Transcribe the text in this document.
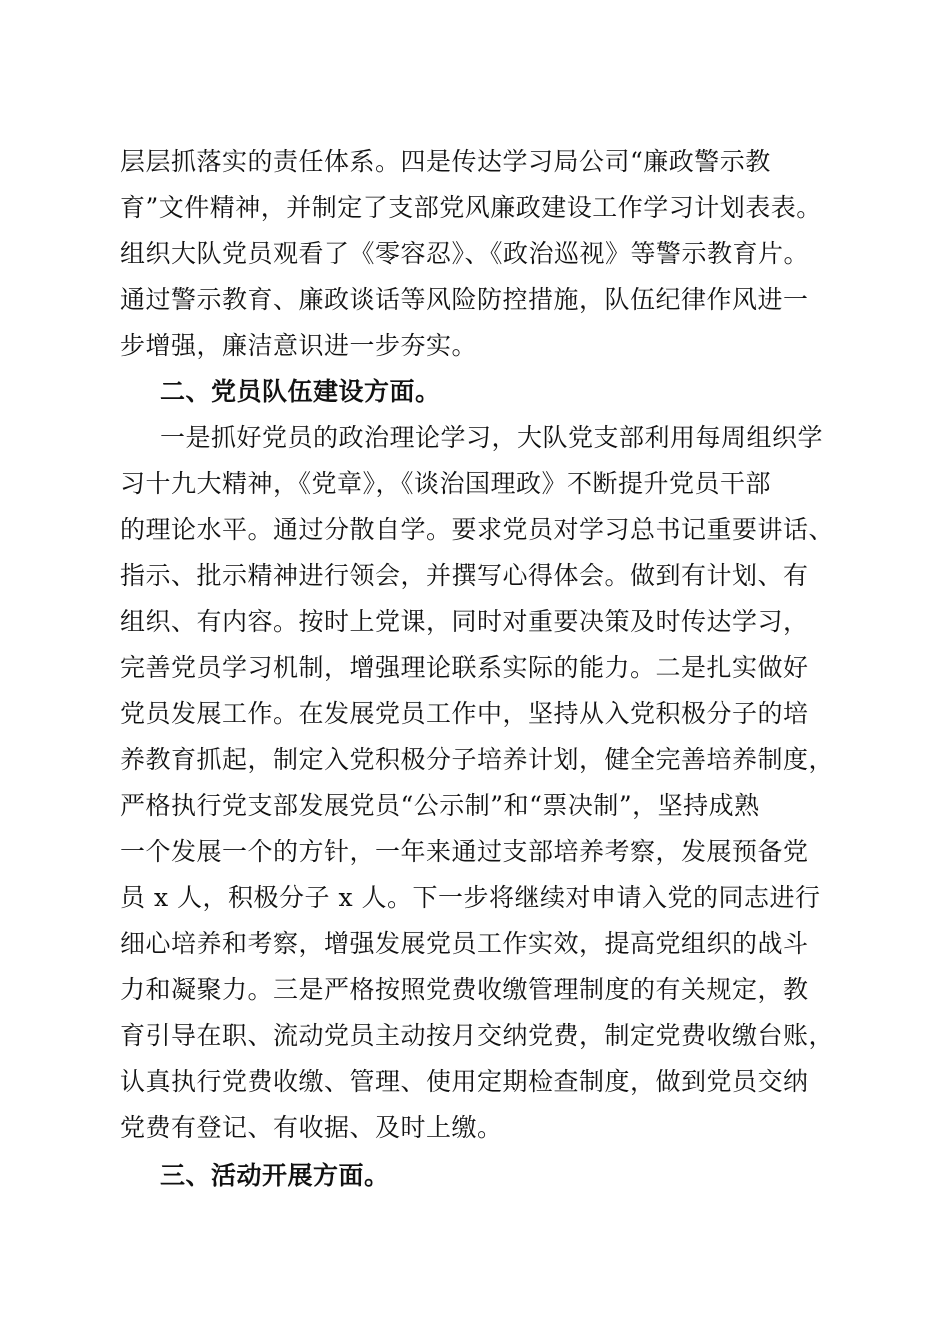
层层抓落实的责任体系。四是传达学习局公司“廉政警示教
育”文件精神，并制定了支部党风廉政建设工作学习计划表表。
组织大队党员观看了《零容忍》、《政治巡视》等警示教育片。
通过警示教育、廉政谈话等风险防控措施，队伍纪律作风进一
步增强，廉洁意识进一步夯实。
二、党员队伍建设方面。
一是抓好党员的政治理论学习，大队党支部利用每周组织学
习十九大精神，《党章》，《谈治国理政》不断提升党员干部
的理论水平。通过分散自学。要求党员对学习总书记重要讲话、
指示、批示精神进行领会，并撰写心得体会。做到有计划、有
组织、有内容。按时上党课，同时对重要决策及时传达学习，
完善党员学习机制，增强理论联系实际的能力。二是扎实做好
党员发展工作。在发展党员工作中，坚持从入党积极分子的培
养教育抓起，制定入党积极分子培养计划，健全完善培养制度，
严格执行党支部发展党员“公示制”和“票决制”，坚持成熟
一个发展一个的方针，一年来通过支部培养考察，发展预备党
员 x 人，积极分子 x 人。下一步将继续对申请入党的同志进行
细心培养和考察，增强发展党员工作实效，提高党组织的战斗
力和凝聚力。三是严格按照党费收缴管理制度的有关规定，教
育引导在职、流动党员主动按月交纳党费，制定党费收缴台账，
认真执行党费收缴、管理、使用定期检查制度，做到党员交纳
党费有登记、有收据、及时上缴。
三、活动开展方面。
